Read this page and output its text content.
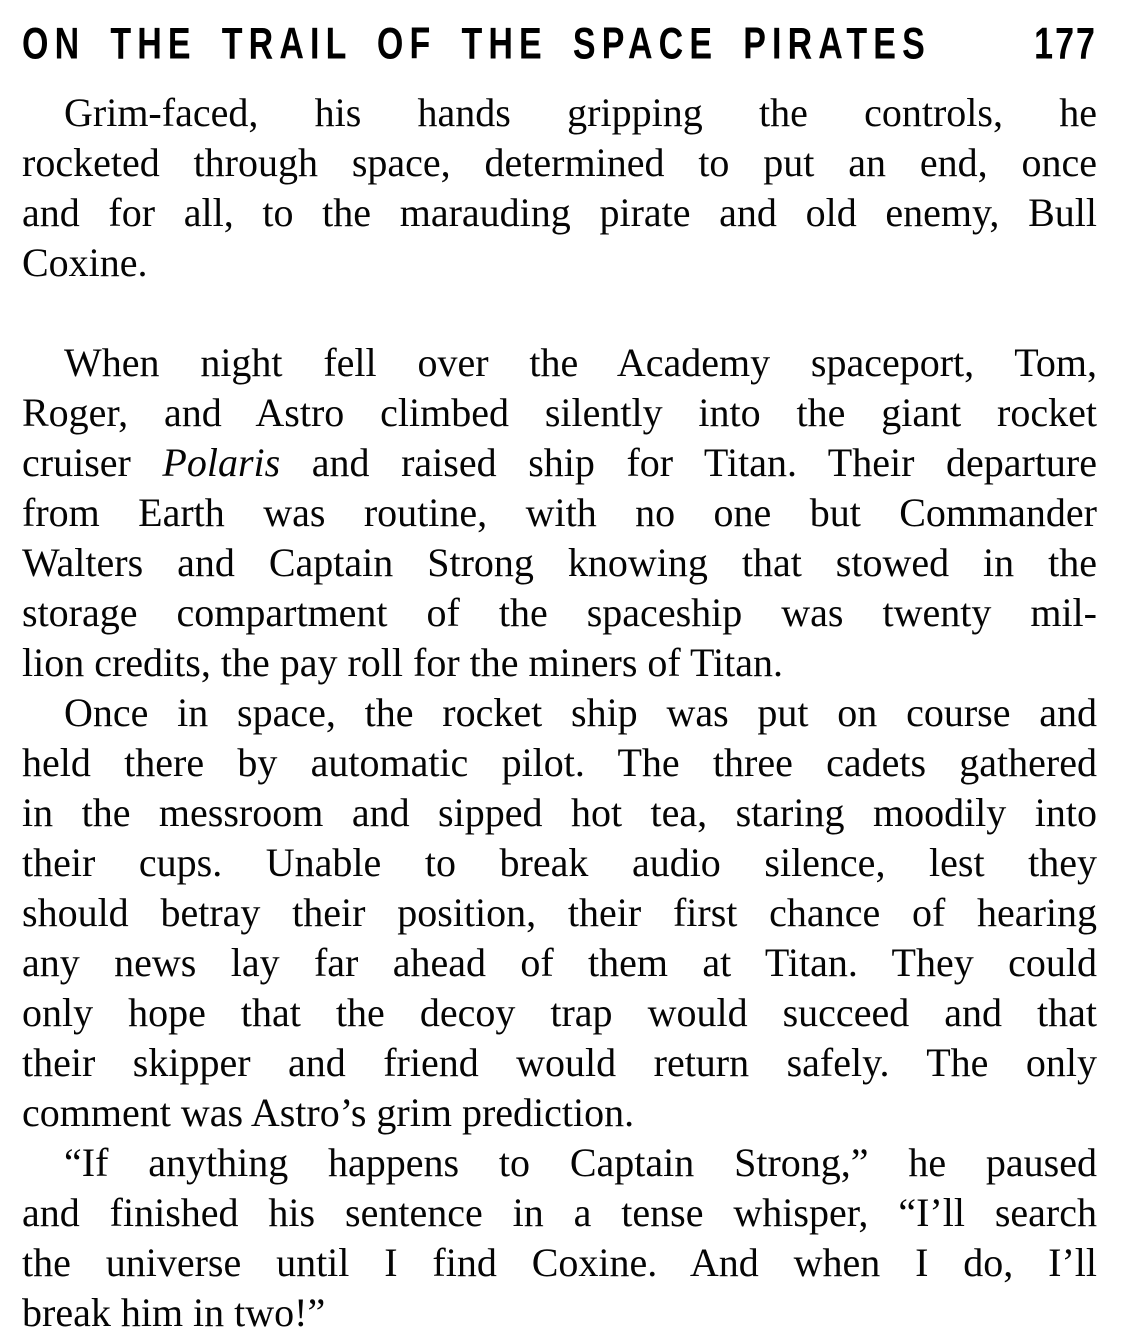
ON THE TRAIL OF THE SPACE PIRATES	177

Grim-faced, his hands gripping the controls, he
rocketed through space, determined to put an end, once
and for all, to the marauding pirate and old enemy, Bull
Coxine.

When night fell over the Academy spaceport, Tom,
Roger, and Astro climbed silently into the giant rocket
cruiser Polaris and raised ship for Titan. Their departure
from Earth was routine, with no one but Commander
Walters and Captain Strong knowing that stowed in the
storage compartment of the spaceship was twenty mil-
lion credits, the pay roll for the miners of Titan.

Once in space, the rocket ship was put on course and
held there by automatic pilot. The three cadets gathered
in the messroom and sipped hot tea, staring moodily into
their cups. Unable to break audio silence, lest they
should betray their position, their first chance of hearing
any news lay far ahead of them at Titan. They could
only hope that the decoy trap would succeed and that
their skipper and friend would return safely. The only
comment was Astro’s grim prediction.

“If anything happens to Captain Strong,” he paused
and finished his sentence in a tense whisper, “I’ll search
the universe until I find Coxine. And when I do, I’ll
break him in two!”
